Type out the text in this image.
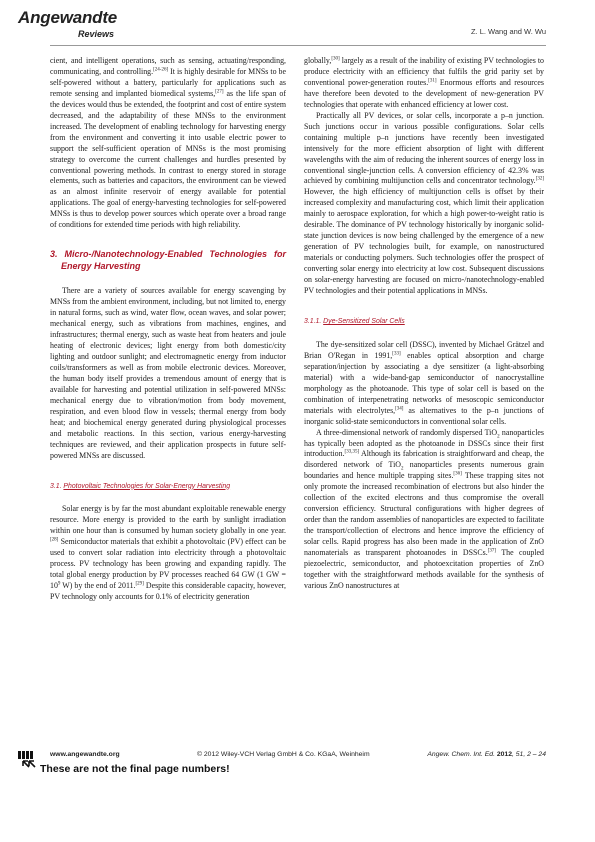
Angewandte
Reviews	Z. L. Wang and W. Wu

cient, and intelligent operations, such as sensing, actuating/responding, communicating, and controlling.[24-26] It is highly desirable for MNSs to be self-powered without a battery, particularly for applications such as remote sensing and implanted biomedical systems,[27] as the life span of the devices would thus be extended, the footprint and cost of entire system decreased, and the adaptability of these MNSs to the environment increased. The development of enabling technology for harvesting energy from the environment and converting it into usable electric power to support the self-sufficient operation of MNSs is the most promising strategy to overcome the current challenges and hurdles presented by conventional powering methods. In contrast to energy stored in storage elements, such as batteries and capacitors, the environment can be viewed as an almost infinite reservoir of energy available for potential applications. The goal of energy-harvesting technologies for self-powered MNSs is thus to develop power sources which operate over a broad range of conditions for extended time periods with high reliability.

3. Micro-/Nanotechnology-Enabled Technologies for Energy Harvesting

There are a variety of sources available for energy scavenging by MNSs from the ambient environment, including, but not limited to, energy in natural forms, such as wind, water flow, ocean waves, and solar power; mechanical energy, such as vibrations from machines, engines, and infrastructures; thermal energy, such as waste heat from heaters and joule heating of electronic devices; light energy from both domestic/city lighting and outdoor sunlight; and electromagnetic energy from inductor coils/transformers as well as from mobile electronic devices. Moreover, the human body itself provides a tremendous amount of energy that is available for harvesting and potential utilization in self-powered MNSs: mechanical energy due to vibration/motion from body movement, respiration, and even blood flow in vessels; thermal energy from body heat; and biochemical energy generated during physiological processes and metabolic reactions. In this section, various energy-harvesting techniques are reviewed, and their application prospects in future self-powered MNSs are discussed.

3.1. Photovoltaic Technologies for Solar-Energy Harvesting

Solar energy is by far the most abundant exploitable renewable energy resource. More energy is provided to the earth by sunlight irradiation within one hour than is consumed by human society globally in one year.[28] Semiconductor materials that exhibit a photovoltaic (PV) effect can be used to convert solar radiation into electricity through a photovoltaic process. PV technology has been growing and expanding rapidly. The total global energy production by PV processes reached 64 GW (1 GW = $10^9$ W) by the end of 2011.[29] Despite this considerable capacity, however, PV technology only accounts for 0.1% of electricity generation

globally,[30] largely as a result of the inability of existing PV technologies to produce electricity with an efficiency that fulfils the grid parity set by conventional power-generation routes.[31] Enormous efforts and resources have therefore been devoted to the development of new-generation PV technologies that operate with enhanced efficiency at lower cost.

Practically all PV devices, or solar cells, incorporate a p–n junction. Such junctions occur in various possible configurations. Solar cells containing multiple p–n junctions have recently been investigated intensively for the more efficient absorption of light with different wavelengths with the aim of reducing the inherent sources of energy loss in conventional single-junction cells. A conversion efficiency of 42.3% was achieved by combining multijunction cells and concentrator technology.[32] However, the high efficiency of multijunction cells is offset by their increased complexity and manufacturing cost, which limit their application mainly to aerospace exploration, for which a high power-to-weight ratio is desirable. The dominance of PV technology historically by inorganic solid-state junction devices is now being challenged by the emergence of a new generation of PV technologies built, for example, on nanostructured materials or conducting polymers. Such technologies offer the prospect of converting solar energy into electricity at low cost. Subsequent discussions on solar-energy harvesting are focused on micro-/nanotechnology-enabled PV technologies and their potential applications in MNSs.

3.1.1. Dye-Sensitized Solar Cells

The dye-sensitized solar cell (DSSC), invented by Michael Grätzel and Brian O'Regan in 1991,[33] enables optical absorption and charge separation/injection by associating a dye sensitizer (a light-absorbing material) with a wide-band-gap semiconductor of nanocrystalline morphology as the photoanode. This type of solar cell is based on the combination of interpenetrating networks of mesoscopic semiconductor materials with electrolytes,[34] as alternatives to the p–n junctions of inorganic solid-state semiconductors in conventional solar cells.

A three-dimensional network of randomly dispersed TiO$_2$ nanoparticles has typically been adopted as the photoanode in DSSCs since their first introduction.[33,35] Although its fabrication is straightforward and cheap, the disordered network of TiO$_2$ nanoparticles presents numerous grain boundaries and hence multiple trapping sites.[36] These trapping sites not only promote the increased recombination of electrons but also hinder the collection of the excited electrons and thus compromise the overall conversion efficiency. Structural configurations with higher degrees of order than the random assemblies of nanoparticles are expected to facilitate the transport/collection of electrons and hence improve the efficiency of solar cells. Rapid progress has also been made in the application of ZnO nanomaterials as transparent photoanodes in DSSCs.[37] The coupled piezoelectric, semiconductor, and photoexcitation properties of ZnO together with the straightforward methods available for the synthesis of various ZnO nanostructures at

www.angewandte.org	© 2012 Wiley-VCH Verlag GmbH & Co. KGaA, Weinheim	Angew. Chem. Int. Ed. 2012, 51, 2 – 24
These are not the final page numbers!
